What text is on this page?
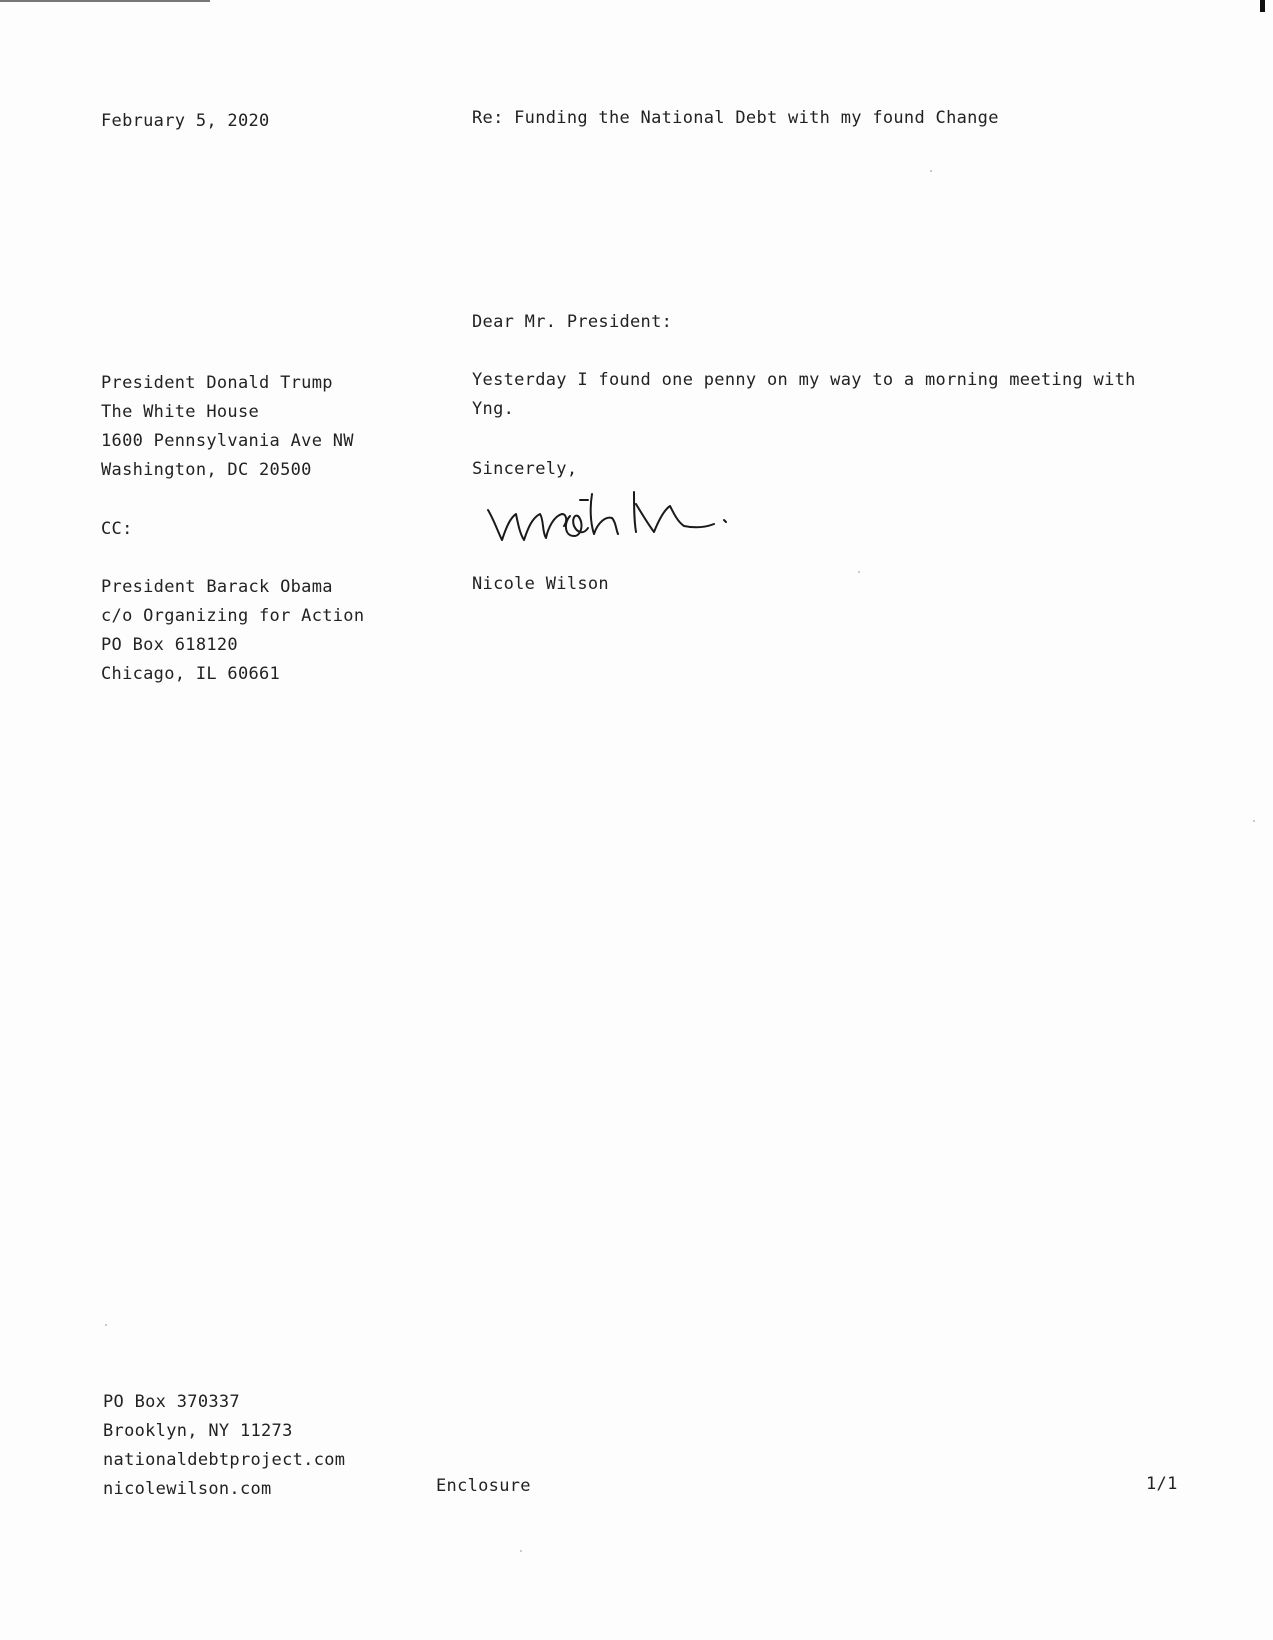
February 5, 2020	Re: Funding the National Debt with my found Change
President Donald Trump
The White House
1600 Pennsylvania Ave NW
Washington, DC 20500
CC:
President Barack Obama
c/o Organizing for Action
PO Box 618120
Chicago, IL 60661
Dear Mr. President:
Yesterday I found one penny on my way to a morning meeting with Yng.
Sincerely,
Nicole Wilson
PO Box 370337
Brooklyn, NY 11273
nationaldebtproject.com
nicolewilson.com	Enclosure	1/1
